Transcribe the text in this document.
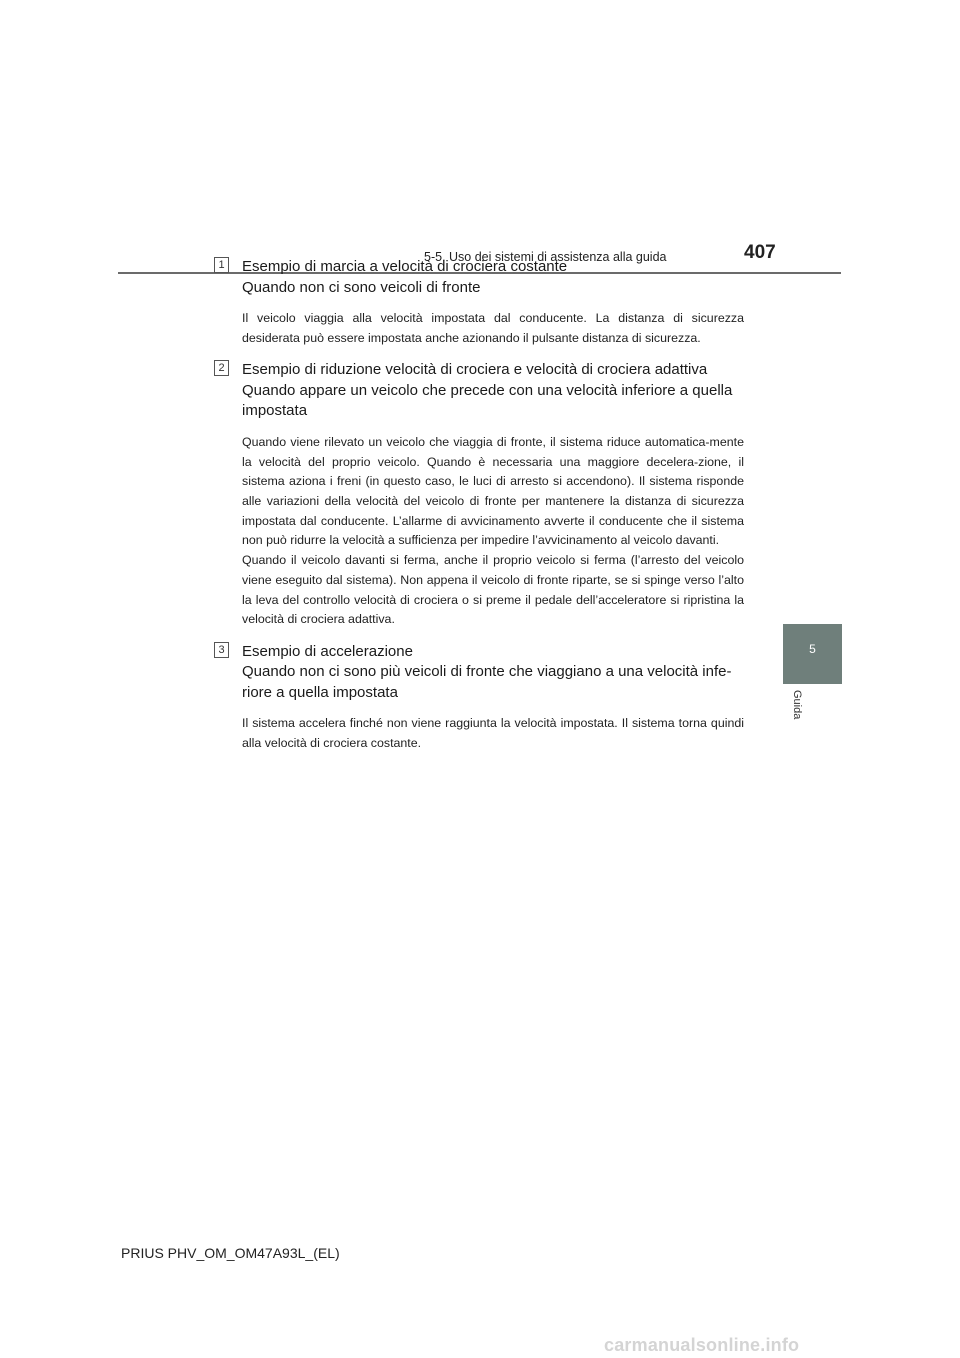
5-5. Uso dei sistemi di assistenza alla guida	407
5
Guida
1 Esempio di marcia a velocità di crociera costante
Quando non ci sono veicoli di fronte

Il veicolo viaggia alla velocità impostata dal conducente. La distanza di sicurezza desiderata può essere impostata anche azionando il pulsante distanza di sicurezza.

2 Esempio di riduzione velocità di crociera e velocità di crociera adattiva
Quando appare un veicolo che precede con una velocità inferiore a quella impostata

Quando viene rilevato un veicolo che viaggia di fronte, il sistema riduce automatica-mente la velocità del proprio veicolo. Quando è necessaria una maggiore decelera-zione, il sistema aziona i freni (in questo caso, le luci di arresto si accendono). Il sistema risponde alle variazioni della velocità del veicolo di fronte per mantenere la distanza di sicurezza impostata dal conducente. L’allarme di avvicinamento avverte il conducente che il sistema non può ridurre la velocità a sufficienza per impedire l’avvicinamento al veicolo davanti.

Quando il veicolo davanti si ferma, anche il proprio veicolo si ferma (l’arresto del veicolo viene eseguito dal sistema). Non appena il veicolo di fronte riparte, se si spinge verso l’alto la leva del controllo velocità di crociera o si preme il pedale dell’acceleratore si ripristina la velocità di crociera adattiva.

3 Esempio di accelerazione
Quando non ci sono più veicoli di fronte che viaggiano a una velocità infe-riore a quella impostata

Il sistema accelera finché non viene raggiunta la velocità impostata. Il sistema torna quindi alla velocità di crociera costante.

PRIUS PHV_OM_OM47A93L_(EL)
carmanualsonline.info
